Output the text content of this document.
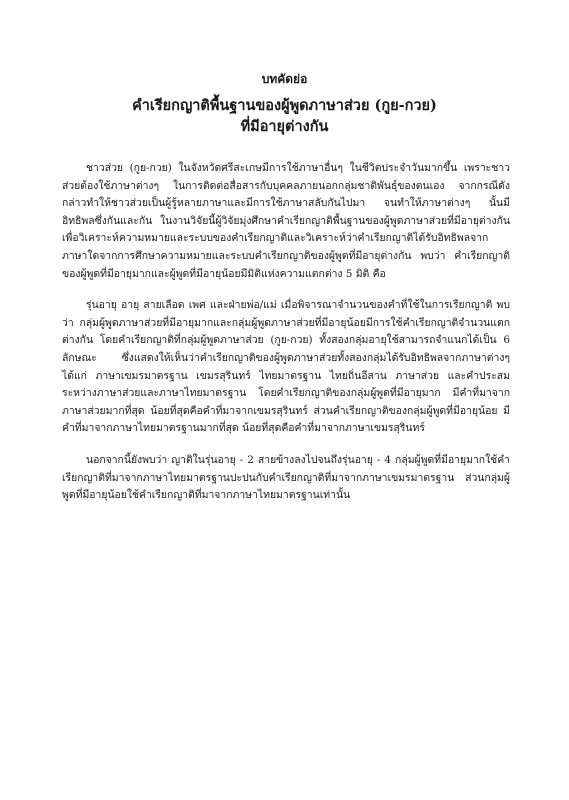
บทคัดย่อ
คำเรียกญาติพื้นฐานของผู้พูดภาษาส่วย (กูย-กวย)
ที่มีอายุต่างกัน

ชาวส่วย (กูย-กวย) ในจังหวัดศรีสะเกษมีการใช้ภาษาอื่นๆ ในชีวิตประจำวันมากขึ้น เพราะชาวส่วยต้องใช้ภาษาต่างๆ ในการติดต่อสื่อสารกับบุคคลภายนอกกลุ่มชาติพันธุ์ของตนเอง จากกรณีดังกล่าวทำให้ชาวส่วยเป็นผู้รู้หลายภาษาและมีการใช้ภาษาสลับกันไปมา จนทำให้ภาษาต่างๆ นั้นมีอิทธิพลซึ่งกันและกัน ในงานวิจัยนี้ผู้วิจัยมุ่งศึกษาคำเรียกญาติพื้นฐานของผู้พูดภาษาส่วยที่มีอายุต่างกัน เพื่อวิเคราะห์ความหมายและระบบของคำเรียกญาติและวิเคราะห์ว่าคำเรียกญาติได้รับอิทธิพลจากภาษาใดจากการศึกษาความหมายและระบบคำเรียกญาติของผู้พูดที่มีอายุต่างกัน พบว่า คำเรียกญาติของผู้พูดที่มีอายุมากและผู้พูดที่มีอายุน้อยมีมิติแห่งความแตกต่าง 5 มิติ คือ

รุ่นอายุ อายุ สายเลือด เพศ และฝ่ายพ่อ/แม่ เมื่อพิจารณาจำนวนของคำที่ใช้ในการเรียกญาติ พบว่า กลุ่มผู้พูดภาษาส่วยที่มีอายุมากและกลุ่มผู้พูดภาษาส่วยที่มีอายุน้อยมีการใช้คำเรียกญาติจำนวนแตกต่างกัน โดยคำเรียกญาติที่กลุ่มผู้พูดภาษาส่วย (กูย-กวย) ทั้งสองกลุ่มอายุใช้สามารถจำแนกได้เป็น 6 ลักษณะ ซึ่งแสดงให้เห็นว่าคำเรียกญาติของผู้พูดภาษาส่วยทั้งสองกลุ่มได้รับอิทธิพลจากภาษาต่างๆ ได้แก่ ภาษาเขมรมาตรฐาน เขมรสุรินทร์ ไทยมาตรฐาน ไทยถิ่นอีสาน ภาษาส่วย และคำประสมระหว่างภาษาส่วยและภาษาไทยมาตรฐาน โดยคำเรียกญาติของกลุ่มผู้พูดที่มีอายุมาก มีคำที่มาจากภาษาส่วยมากที่สุด น้อยที่สุดคือคำที่มาจากเขมรสุรินทร์ ส่วนคำเรียกญาติของกลุ่มผู้พูดที่มีอายุน้อย มีคำที่มาจากภาษาไทยมาตรฐานมากที่สุด น้อยที่สุดคือคำที่มาจากภาษาเขมรสุรินทร์

นอกจากนี้ยังพบว่า ญาติในรุ่นอายุ - 2 สายข้างลงไปจนถึงรุ่นอายุ - 4 กลุ่มผู้พูดที่มีอายุมากใช้คำเรียกญาติที่มาจากภาษาไทยมาตรฐานปะปนกับคำเรียกญาติที่มาจากภาษาเขมรมาตรฐาน ส่วนกลุ่มผู้พูดที่มีอายุน้อยใช้คำเรียกญาติที่มาจากภาษาไทยมาตรฐานเท่านั้น
